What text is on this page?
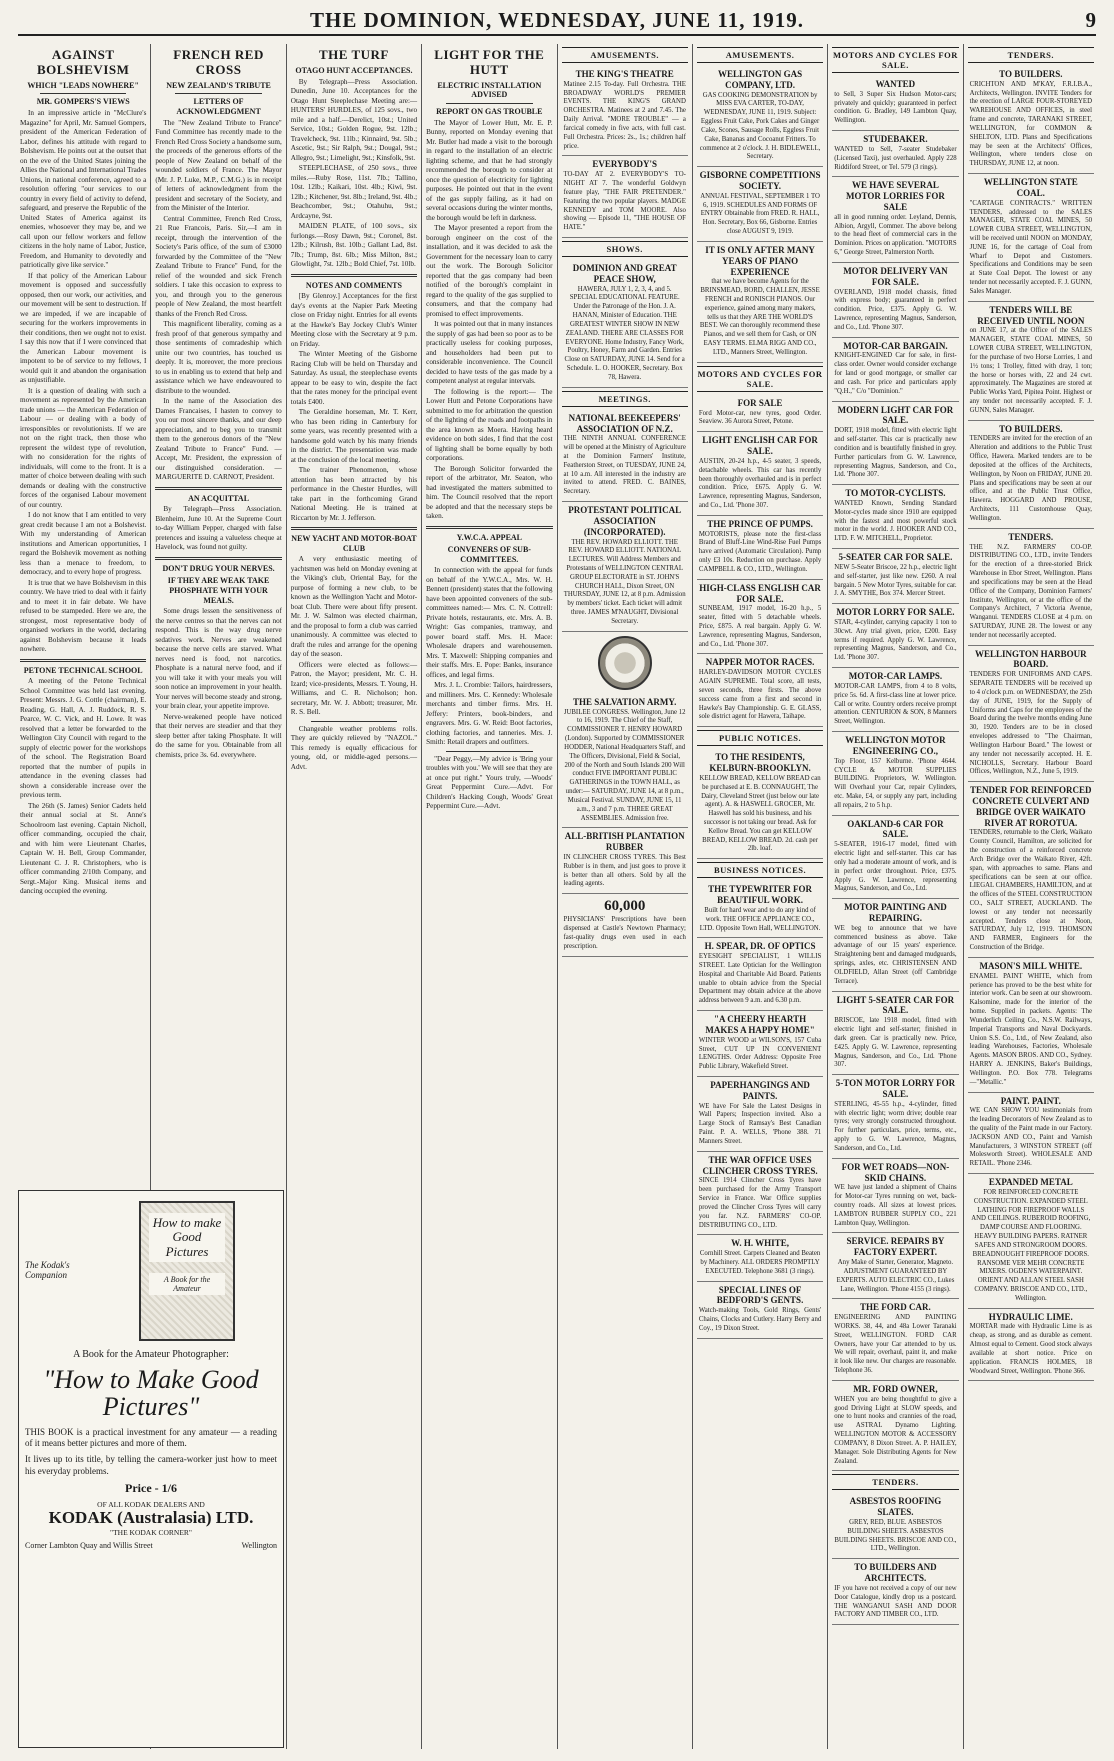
THE DOMINION, WEDNESDAY, JUNE 11, 1919.	9
AGAINST BOLSHEVISM
WHICH "LEADS NOWHERE"
MR. GOMPERS'S VIEWS

In an impressive article in "McClure's Magazine" for April, Mr. Samuel Gompers, president of the American Federation of Labor, defines his attitude with regard to Bolshevism. He points out at the outset that on the eve of the United States joining the Allies the National and International Trades Unions, in national conference, agreed to a resolution offering "our services to our country in every field of activity to defend, safeguard, and preserve the Republic of the United States of America against its enemies, whosoever they may be, and we call upon our fellow workers and fellow citizens in the holy name of Labor, Justice, Freedom, and Humanity to devotedly and patriotically give like service."

If that policy of the American Labour movement is opposed and successfully opposed, then our work, our activities, and our movement will be sent to destruction. If we are impeded, if we are incapable of securing for the workers improvements in their conditions, then we ought not to exist. I say this now that if I were convinced that the American Labour movement is impotent to be of service to my fellows, I would quit it and abandon the organisation as unjustifiable.

It is a question of dealing with such a movement as represented by the American trade unions — the American Federation of Labour — or dealing with a body of irresponsibles or revolutionists. If we are not on the right track, then those who represent the wildest type of revolution, with no consideration for the rights of individuals, will come to the front. It is a matter of choice between dealing with such demands or dealing with the constructive forces of the organised Labour movement of our country.

I do not know that I am entitled to very great credit because I am not a Bolshevist. With my understanding of American institutions and American opportunities, I regard the Bolshevik movement as nothing less than a menace to freedom, to democracy, and to every hope of progress.

It is true that we have Bolshevism in this country. We have tried to deal with it fairly and to meet it in fair debate. We have refused to be stampeded. Here we are, the strongest, most representative body of organised workers in the world, declaring against Bolshevism because it leads nowhere.

PETONE TECHNICAL SCHOOL

A meeting of the Petone Technical School Committee was held last evening. Present: Messrs. J. G. Cottle (chairman), E. Reading, G. Hall, A. J. Ruddock, R. S. Pearce, W. C. Vick, and H. Lowe. It was resolved that a letter be forwarded to the Wellington City Council with regard to the supply of electric power for the workshops of the school. The Registration Board reported that the number of pupils in attendance in the evening classes had shown a considerable increase over the previous term.

The 26th (S. James) Senior Cadets held their annual social at St. Anne's Schoolroom last evening. Captain Nicholl, officer commanding, occupied the chair, and with him were Lieutenant Charles, Captain W. H. Bell, Group Commander, Lieutenant C. J. R. Christophers, who is officer commanding 2/10th Company, and Sergt.-Major King. Musical items and dancing occupied the evening.

FRENCH RED CROSS
NEW ZEALAND'S TRIBUTE
LETTERS OF ACKNOWLEDGMENT

The "New Zealand Tribute to France" Fund Committee has recently made to the French Red Cross Society a handsome sum, the proceeds of the generous efforts of the people of New Zealand on behalf of the wounded soldiers of France. The Mayor (Mr. J. P. Luke, M.P., C.M.G.) is in receipt of letters of acknowledgment from the president and secretary of the Society, and from the Minister of the Interior.

Central Committee, French Red Cross, 21 Rue Francois, Paris. Sir,—I am in receipt, through the intervention of the Society's Paris office, of the sum of £3000 forwarded by the Committee of the "New Zealand Tribute to France" Fund, for the relief of the wounded and sick French soldiers. I take this occasion to express to you, and through you to the generous people of New Zealand, the most heartfelt thanks of the French Red Cross.

This magnificent liberality, coming as a fresh proof of that generous sympathy and those sentiments of comradeship which unite our two countries, has touched us deeply. It is, moreover, the more precious to us in enabling us to extend that help and assistance which we have endeavoured to distribute to the wounded.

In the name of the Association des Dames Francaises, I hasten to convey to you our most sincere thanks, and our deep appreciation, and to beg you to transmit them to the generous donors of the "New Zealand Tribute to France" Fund. — Accept, Mr. President, the expression of our distinguished consideration. — MARGUERITE D. CARNOT, President.

AN ACQUITTAL

By Telegraph—Press Association. Blenheim, June 10. At the Supreme Court to-day William Pepper, charged with false pretences and issuing a valueless cheque at Havelock, was found not guilty.

DON'T DRUG YOUR NERVES.
IF THEY ARE WEAK TAKE PHOSPHATE WITH YOUR MEALS.

Some drugs lessen the sensitiveness of the nerve centres so that the nerves can not respond. This is the way drug nerve sedatives work. Nerves are weakened because the nerve cells are starved. What nerves need is food, not narcotics. Phosphate is a natural nerve food, and if you will take it with your meals you will soon notice an improvement in your health. Your nerves will become steady and strong, your brain clear, your appetite improve.

Nerve-weakened people have noticed that their nerves are steadier and that they sleep better after taking Phosphate. It will do the same for you. Obtainable from all chemists, price 3s. 6d. everywhere.

THE TURF
OTAGO HUNT ACCEPTANCES.

By Telegraph—Press Association. Dunedin, June 10. Acceptances for the Otago Hunt Steeplechase Meeting are:— HUNTERS' HURDLES, of 125 sovs., two mile and a half.—Derelict, 10st.; United Service, 10st.; Golden Rogue, 9st. 12lb.; Travelcheck, 9st. 11lb.; Kinnaird, 9st. 5lb.; Ascetic, 9st.; Sir Ralph, 9st.; Dougal, 9st.; Allegro, 9st.; Limelight, 9st.; Kinsfolk, 9st.

STEEPLECHASE, of 250 sovs., three miles.—Ruby Rose, 11st. 7lb.; Tallino, 10st. 12lb.; Kaikari, 10st. 4lb.; Kiwi, 9st. 12lb.; Kitchener, 9st. 8lb.; Ireland, 9st. 4lb.; Beachcomber, 9st.; Otahuhu, 9st.; Ardcayne, 9st.

MAIDEN PLATE, of 100 sovs., six furlongs.—Rosy Dawn, 9st.; Coronel, 8st. 12lb.; Kilrush, 8st. 10lb.; Gallant Lad, 8st. 7lb.; Trump, 8st. 6lb.; Miss Milton, 8st.; Glowlight, 7st. 12lb.; Bold Chief, 7st. 10lb.

NOTES AND COMMENTS

[By Glenroy.] Acceptances for the first day's events at the Napier Park Meeting close on Friday night. Entries for all events at the Hawke's Bay Jockey Club's Winter Meeting close with the Secretary at 9 p.m. on Friday.

The Winter Meeting of the Gisborne Racing Club will be held on Thursday and Saturday. As usual, the steeplechase events appear to be easy to win, despite the fact that the rates money for the principal event totals £400.

The Geraldine horseman, Mr. T. Kerr, who has been riding in Canterbury for some years, was recently presented with a handsome gold watch by his many friends in the district. The presentation was made at the conclusion of the local meeting.

The trainer Phenomenon, whose attention has been attracted by his performance in the Chester Hurdles, will take part in the forthcoming Grand National Meeting. He is trained at Riccarton by Mr. J. Jefferson.

NEW YACHT AND MOTOR-BOAT CLUB

A very enthusiastic meeting of yachtsmen was held on Monday evening at the Viking's club, Oriental Bay, for the purpose of forming a new club, to be known as the Wellington Yacht and Motor-boat Club. There were about fifty present. Mr. J. W. Salmon was elected chairman, and the proposal to form a club was carried unanimously. A committee was elected to draft the rules and arrange for the opening day of the season.

Officers were elected as follows:— Patron, the Mayor; president, Mr. C. H. Izard; vice-presidents, Messrs. T. Young, H. Williams, and C. R. Nicholson; hon. secretary, Mr. W. J. Abbott; treasurer, Mr. R. S. Bell.

Changeable weather problems rolls. They are quickly relieved by "NAZOL." This remedy is equally efficacious for young, old, or middle-aged persons.—Advt.

LIGHT FOR THE HUTT
ELECTRIC INSTALLATION ADVISED
REPORT ON GAS TROUBLE

The Mayor of Lower Hutt, Mr. E. P. Bunny, reported on Monday evening that Mr. Butler had made a visit to the borough in regard to the installation of an electric lighting scheme, and that he had strongly recommended the borough to consider at once the question of electricity for lighting purposes. He pointed out that in the event of the gas supply failing, as it had on several occasions during the winter months, the borough would be left in darkness.

The Mayor presented a report from the borough engineer on the cost of the installation, and it was decided to ask the Government for the necessary loan to carry out the work. The Borough Solicitor reported that the gas company had been notified of the borough's complaint in regard to the quality of the gas supplied to consumers, and that the company had promised to effect improvements.

It was pointed out that in many instances the supply of gas had been so poor as to be practically useless for cooking purposes, and householders had been put to considerable inconvenience. The Council decided to have tests of the gas made by a competent analyst at regular intervals.

The following is the report:— The Lower Hutt and Petone Corporations have submitted to me for arbitration the question of the lighting of the roads and footpaths in the area known as Moera. Having heard evidence on both sides, I find that the cost of lighting shall be borne equally by both corporations.

The Borough Solicitor forwarded the report of the arbitrator, Mr. Seaton, who had investigated the matters submitted to him. The Council resolved that the report be adopted and that the necessary steps be taken.

Y.W.C.A. APPEAL
CONVENERS OF SUB-COMMITTEES.

In connection with the appeal for funds on behalf of the Y.W.C.A., Mrs. W. H. Bennett (president) states that the following have been appointed conveners of the sub-committees named:— Mrs. C. N. Cottrell: Private hotels, restaurants, etc. Mrs. A. B. Wright: Gas companies, tramway, and power board staff. Mrs. H. Mace: Wholesale drapers and warehousemen. Mrs. T. Maxwell: Shipping companies and their staffs. Mrs. E. Pope: Banks, insurance offices, and legal firms.

Mrs. J. L. Crombie: Tailors, hairdressers, and milliners. Mrs. C. Kennedy: Wholesale merchants and timber firms. Mrs. H. Jeffery: Printers, book-binders, and engravers. Mrs. G. W. Reid: Boot factories, clothing factories, and tanneries. Mrs. J. Smith: Retail drapers and outfitters.

"Dear Peggy,—My advice is 'Bring your troubles with you.' We will see that they are at once put right." Yours truly, —Woods' Great Peppermint Cure.—Advt. For Children's Hacking Cough, Woods' Great Peppermint Cure.—Advt.

AMUSEMENTS.
THE KING'S THEATRE
Matinee 2.15 To-day. Full Orchestra. THE BROADWAY WORLD'S PREMIER EVENTS. THE KING'S GRAND ORCHESTRA. Matinees at 2 and 7.45. The Daily Arrival. "MORE TROUBLE" — a farcical comedy in five acts, with full cast. Full Orchestra. Prices: 2s., 1s.; children half price.
EVERYBODY'S
TO-DAY AT 2. EVERYBODY'S TO-NIGHT AT 7. The wonderful Goldwyn feature play, "THE FAIR PRETENDER." Featuring the two popular players. MADGE KENNEDY and TOM MOORE. Also showing — Episode 11, "THE HOUSE OF HATE."
SHOWS.
DOMINION AND GREAT PEACE SHOW,
HAWERA, JULY 1, 2, 3, 4, and 5. SPECIAL EDUCATIONAL FEATURE. Under the Patronage of the Hon. J. A. HANAN, Minister of Education. THE GREATEST WINTER SHOW IN NEW ZEALAND. THERE ARE CLASSES FOR EVERYONE. Home Industry, Fancy Work, Poultry, Honey, Farm and Garden. Entries Close on SATURDAY, JUNE 14. Send for a Schedule. L. O. HOOKER, Secretary. Box 78, Hawera.
MEETINGS.
NATIONAL BEEKEEPERS' ASSOCIATION OF N.Z.
THE NINTH ANNUAL CONFERENCE will be opened at the Ministry of Agriculture at the Dominion Farmers' Institute, Featherston Street, on TUESDAY, JUNE 24, at 10 a.m. All interested in the industry are invited to attend. FRED. C. BAINES, Secretary.
PROTESTANT POLITICAL ASSOCIATION (INCORPORATED).
THE REV. HOWARD ELLIOTT. THE REV. HOWARD ELLIOTT. NATIONAL LECTURES. Will Address Members and Protestants of WELLINGTON CENTRAL GROUP ELECTORATE in ST. JOHN'S CHURCH HALL, Dixon Street, ON THURSDAY, JUNE 12, at 8 p.m. Admission by members' ticket. Each ticket will admit three. JAMES M'NAUGHT, Divisional Secretary.
THE SALVATION ARMY.
JUBILEE CONGRESS. Wellington, June 12 to 16, 1919. The Chief of the Staff, COMMISSIONER T. HENRY HOWARD (London). Supported by COMMISSIONER HODDER, National Headquarters Staff, and The Officers, Divisional, Field & Social, 200 of the North and South Islands 200 Will conduct FIVE IMPORTANT PUBLIC GATHERINGS in the TOWN HALL, as under:— SATURDAY, JUNE 14, at 8 p.m., Musical Festival. SUNDAY, JUNE 15, 11 a.m., 3 and 7 p.m. THREE GREAT ASSEMBLIES. Admission free.
ALL-BRITISH PLANTATION RUBBER
IN CLINCHER CROSS TYRES. This Best Rubber is in them, and just goes to prove it is better than all others. Sold by all the leading agents.
60,000
PHYSICIANS' Prescriptions have been dispensed at Castle's Newtown Pharmacy; fast-quality drugs even used in each prescription.
AMUSEMENTS.
WELLINGTON GAS COMPANY, LTD.
GAS COOKING DEMONSTRATION by MISS EVA CARTER, TO-DAY, WEDNESDAY, JUNE 11, 1919. Subject: Eggless Fruit Cake, Pork Cakes and Ginger Cake, Scones, Sausage Rolls, Eggless Fruit Cake, Bananas and Cocoanut Fritters. To commence at 2 o'clock. J. H. BIDLEWELL, Secretary.
GISBORNE COMPETITIONS SOCIETY.
ANNUAL FESTIVAL, SEPTEMBER 1 TO 6, 1919. SCHEDULES AND FORMS OF ENTRY Obtainable from FRED. R. HALL, Hon. Secretary, Box 66, Gisborne. Entries close AUGUST 9, 1919.
IT IS ONLY AFTER MANY YEARS OF PIANO EXPERIENCE
that we have become Agents for the BRINSMEAD, BORD, CHALLEN, JESSE FRENCH and RONISCH PIANOS. Our experience, gained among many makers, tells us that they ARE THE WORLD'S BEST. We can thoroughly recommend these Pianos, and we sell them for Cash, or ON EASY TERMS. ELMA RIGG AND CO., LTD., Manners Street, Wellington.
MOTORS AND CYCLES FOR SALE.
FOR SALE
Ford Motor-car, new tyres, good Order. Seaview. 36 Aurora Street, Petone.
LIGHT ENGLISH CAR FOR SALE.
AUSTIN, 20-24 h.p., 4-5 seater, 3 speeds, detachable wheels. This car has recently been thoroughly overhauled and is in perfect condition. Price, £675. Apply G. W. Lawrence, representing Magnus, Sanderson, and Co., Ltd. 'Phone 307.
THE PRINCE OF PUMPS.
MOTORISTS, please note the first-class Brand of Bluff-Line Wind-Rise Fuel Pumps have arrived (Automatic Circulation). Pump only £3 10s. Reduction on purchase. Apply CAMPBELL & CO., LTD., Wellington.
HIGH-CLASS ENGLISH CAR FOR SALE.
SUNBEAM, 1917 model, 16-20 h.p., 5 seater, fitted with 5 detachable wheels. Price, £875. A real bargain. Apply G. W. Lawrence, representing Magnus, Sanderson, and Co., Ltd. 'Phone 307.
NAPPER MOTOR RACES.
HARLEY-DAVIDSON MOTOR CYCLES AGAIN SUPREME. Total score, all tests, seven seconds, three firsts. The above success came from a first and second in Hawke's Bay Championship. G. E. GLASS, sole district agent for Hawera, Taihape.
PUBLIC NOTICES.
TO THE RESIDENTS, KELBURN-BROOKLYN.
KELLOW BREAD, KELLOW BREAD can be purchased at E. B. CONNAUGHT, The Dairy, Cleveland Street (just below our late agent). A. & HASWELL GROCER, Mr. Haswell has sold his business, and his successor is not taking our bread. Ask for Kellow Bread. You can get KELLOW BREAD, KELLOW BREAD. 2d. cash per 2lb. loaf.
BUSINESS NOTICES.
THE TYPEWRITER FOR BEAUTIFUL WORK.
Built for hard wear and to do any kind of work. THE OFFICE APPLIANCE CO., LTD. Opposite Town Hall, WELLINGTON.
H. SPEAR, DR. OF OPTICS
EYESIGHT SPECIALIST, 1 WILLIS STREET. Late Optician for the Wellington Hospital and Charitable Aid Board. Patients unable to obtain advice from the Special Department may obtain advice at the above address between 9 a.m. and 6.30 p.m.
"A CHEERY HEARTH MAKES A HAPPY HOME"
WINTER WOOD at WILSON'S, 157 Cuba Street, CUT UP IN CONVENIENT LENGTHS. Order Address: Opposite Free Public Library, Wakefield Street.
PAPERHANGINGS AND PAINTS.
WE have For Sale the Latest Designs in Wall Papers; Inspection invited. Also a Large Stock of Ramsay's Best Canadian Paint. P. A. WELLS, 'Phone 388. 71 Manners Street.
THE WAR OFFICE USES CLINCHER CROSS TYRES.
SINCE 1914 Clincher Cross Tyres have been purchased for the Army Transport Service in France. War Office supplies proved the Clincher Cross Tyres will carry you far. N.Z. FARMERS' CO-OP. DISTRIBUTING CO., LTD.
W. H. WHITE,
Cornhill Street. Carpets Cleaned and Beaten by Machinery. ALL ORDERS PROMPTLY EXECUTED. Telephone 3681 (3 rings).
SPECIAL LINES OF BEDFORD'S GENTS.
Watch-making Tools, Gold Rings, Gents' Chains, Clocks and Cutlery. Harry Berry and Coy., 19 Dixon Street.
MOTORS AND CYCLES FOR SALE.
WANTED
to Sell, 3 Super Six Hudson Motor-cars; privately and quickly; guaranteed in perfect condition. G. Bradley, 149 Lambton Quay, Wellington.
STUDEBAKER.
WANTED to Sell, 7-seater Studebaker (Licensed Taxi), just overhauled. Apply 228 Riddiford Street, or Tel. 579 (3 rings).
WE HAVE SEVERAL MOTOR LORRIES FOR SALE
all in good running order. Leyland, Dennis, Albion, Argyll, Commer. The above belong to the head fleet of commercial cars in the Dominion. Prices on application. "MOTORS 6," George Street, Palmerston North.
MOTOR DELIVERY VAN FOR SALE.
OVERLAND, 1918 model chassis, fitted with express body; guaranteed in perfect condition. Price, £375. Apply G. W. Lawrence, representing Magnus, Sanderson, and Co., Ltd. 'Phone 307.
MOTOR-CAR BARGAIN.
KNIGHT-ENGINED Car for sale, in first-class order. Owner would consider exchange for land or good mortgage, or smaller car and cash. For price and particulars apply "Q.H.," C/o "Dominion."
MODERN LIGHT CAR FOR SALE.
DORT, 1918 model, fitted with electric light and self-starter. This car is practically new condition and is beautifully finished in grey. Further particulars from G. W. Lawrence, representing Magnus, Sanderson, and Co., Ltd. 'Phone 307.
TO MOTOR-CYCLISTS.
WANTED Known, Sending Standard Motor-cycles made since 1910 are equipped with the fastest and most powerful stock motor in the world. J. HOOKER AND CO., LTD. F. W. MITCHELL, Proprietor.
5-SEATER CAR FOR SALE.
NEW 5-Seater Briscoe, 22 h.p., electric light and self-starter, just like new. £260. A real bargain. 5 New Motor Tyres, suitable for car. J. A. SMYTHE, Box 374. Mercer Street.
MOTOR LORRY FOR SALE.
STAR, 4-cylinder, carrying capacity 1 ton to 30cwt. Any trial given, price, £200. Easy terms if required. Apply G. W. Lawrence, representing Magnus, Sanderson, and Co., Ltd. 'Phone 307.
MOTOR-CAR LAMPS.
MOTOR-CAR LAMPS, from 4 to 8 volts, price 5s. 6d. A first-class line at lower price. Call or write. Country orders receive prompt attention. CENTURION & SON, 8 Manners Street, Wellington.
WELLINGTON MOTOR ENGINEERING CO.,
Top Floor, 157 Kelburne. 'Phone 4644. CYCLE & MOTOR SUPPLIES BUILDING. Proprietors, W. Wellington. Will Overhaul your Car, repair Cylinders, etc. Make, £4, or supply any part, including all repairs, 2 to 5 h.p.
OAKLAND-6 CAR FOR SALE.
5-SEATER, 1916-17 model, fitted with electric light and self-starter. This car has only had a moderate amount of work, and is in perfect order throughout. Price, £375. Apply G. W. Lawrence, representing Magnus, Sanderson, and Co., Ltd.
MOTOR PAINTING AND REPAIRING.
WE beg to announce that we have commenced business as above. Take advantage of our 15 years' experience. Straightening bent and damaged mudguards, springs, axles, etc. CHRISTENSEN AND OLDFIELD, Allan Street (off Cambridge Terrace).
LIGHT 5-SEATER CAR FOR SALE.
BRISCOE, late 1918 model, fitted with electric light and self-starter; finished in dark green. Car is practically new. Price, £425. Apply G. W. Lawrence, representing Magnus, Sanderson, and Co., Ltd. 'Phone 307.
5-TON MOTOR LORRY FOR SALE.
STERLING, 45-55 h.p., 4-cylinder, fitted with electric light; worm drive; double rear tyres; very strongly constructed throughout. For further particulars, price, terms, etc., apply to G. W. Lawrence, Magnus, Sanderson, and Co., Ltd.
FOR WET ROADS—NON-SKID CHAINS.
WE have just landed a shipment of Chains for Motor-car Tyres running on wet, back-country roads. All sizes at lowest prices. LAMBTON RUBBER SUPPLY CO., 221 Lambton Quay, Wellington.
SERVICE. REPAIRS BY FACTORY EXPERT.
Any Make of Starter, Generator, Magneto. ADJUSTMENT GUARANTEED BY EXPERTS. AUTO ELECTRIC CO., Lukes Lane, Wellington. 'Phone 4155 (3 rings).
THE FORD CAR.
ENGINEERING AND PAINTING WORKS. 38, 44, and 48a Lower Taranaki Street, WELLINGTON. FORD CAR Owners, have your Car attended to by us. We will repair, overhaul, paint it, and make it look like new. Our charges are reasonable. Telephone 36.
MR. FORD OWNER,
WHEN you are being thoughtful to give a good Driving Light at SLOW speeds, and one to hunt nooks and crannies of the road, use ASTRAL Dynamo Lighting. WELLINGTON MOTOR & ACCESSORY COMPANY, 8 Dixon Street. A. P. HAILEY, Manager. Sole Distributing Agents for New Zealand.
TENDERS.
ASBESTOS ROOFING SLATES.
GREY, RED, BLUE. ASBESTOS BUILDING SHEETS. ASBESTOS BUILDING SHEETS. BRISCOE AND CO., LTD., Wellington.
TO BUILDERS AND ARCHITECTS.
IF you have not received a copy of our new Door Catalogue, kindly drop us a postcard. THE WANGANUI SASH AND DOOR FACTORY AND TIMBER CO., LTD.
TENDERS.
TO BUILDERS.
CRICHTON AND M'KAY, F.R.I.B.A., Architects, Wellington. INVITE Tenders for the erection of LARGE FOUR-STOREYED WAREHOUSE AND OFFICES, in steel frame and concrete, TARANAKI STREET, WELLINGTON, for COMMON & SHELTON, LTD. Plans and Specifications may be seen at the Architects' Offices, Wellington, where tenders close on THURSDAY, JUNE 12, at noon.
WELLINGTON STATE COAL.
"CARTAGE CONTRACTS." WRITTEN TENDERS, addressed to the SALES MANAGER, STATE COAL MINES, 50 LOWER CUBA STREET, WELLINGTON, will be received until NOON on MONDAY, JUNE 16, for the cartage of Coal from Wharf to Depot and Customers. Specifications and Conditions may be seen at State Coal Depot. The lowest or any tender not necessarily accepted. F. J. GUNN, Sales Manager.
TENDERS WILL BE RECEIVED UNTIL NOON
on JUNE 17, at the Office of the SALES MANAGER, STATE COAL MINES, 50 LOWER CUBA STREET, WELLINGTON, for the purchase of two Horse Lorries, 1 and 1½ tons; 1 Trolley, fitted with dray, 1 ton; the horse or horses with, 22 and 24 cwt. approximately. The Magazines are stored at Public Works Yard, Pipitea Point. Highest or any tender not necessarily accepted. F. J. GUNN, Sales Manager.
TO BUILDERS.
TENDERS are invited for the erection of an Alteration and additions to the Public Trust Office, Hawera. Marked tenders are to be deposited at the offices of the Architects, Wellington, by Noon on FRIDAY, JUNE 20. Plans and specifications may be seen at our office, and at the Public Trust Office, Hawera. HOGGARD AND PROUSE, Architects, 111 Customhouse Quay, Wellington.
TENDERS.
THE N.Z. FARMERS' CO-OP. DISTRIBUTING CO., LTD., invite Tenders for the erection of a three-storied Brick Warehouse in Ebor Street, Wellington. Plans and specifications may be seen at the Head Office of the Company, Dominion Farmers' Institute, Wellington, or at the office of the Company's Architect, 7 Victoria Avenue, Wanganui. TENDERS CLOSE at 4 p.m. on SATURDAY, JUNE 28. The lowest or any tender not necessarily accepted.
WELLINGTON HARBOUR BOARD.
TENDERS FOR UNIFORMS AND CAPS. SEPARATE TENDERS will be received up to 4 o'clock p.m. on WEDNESDAY, the 25th day of JUNE, 1919, for the Supply of Uniforms and Caps for the employees of the Board during the twelve months ending June 30, 1920. Tenders are to be in closed envelopes addressed to "The Chairman, Wellington Harbour Board." The lowest or any tender not necessarily accepted. H. E. NICHOLLS, Secretary. Harbour Board Offices, Wellington, N.Z., June 5, 1919.
TENDER FOR REINFORCED CONCRETE CULVERT AND BRIDGE OVER WAIKATO RIVER AT ROROTUA.
TENDERS, returnable to the Clerk, Waikato County Council, Hamilton, are solicited for the construction of a reinforced concrete Arch Bridge over the Waikato River, 42ft. span, with approaches to same. Plans and specifications can be seen at our office. LIEGAL CHAMBERS, HAMILTON, and at the offices of the STEEL CONSTRUCTION CO., SALT STREET, AUCKLAND. The lowest or any tender not necessarily accepted. Tenders close at Noon, SATURDAY, July 12, 1919. THOMSON AND FARMER, Engineers for the Construction of the Bridge.
MASON'S MILL WHITE.
ENAMEL PAINT WHITE, which from perience has proved to be the best white for interior work. Can be seen at our showroom. Kalsomine, made for the interior of the home. Supplied in packets. Agents: The Wunderlich Ceiling Co., N.S.W. Railways, Imperial Transports and Naval Dockyards. Union S.S. Co., Ltd., of New Zealand, also leading Warehouses, Factories, Wholesale Agents. MASON BROS. AND CO., Sydney. HARRY A. JENKINS, Baker's Buildings, Wellington. P.O. Box 778. Telegrams—"Metallic."
PAINT. PAINT.
WE CAN SHOW YOU testimonials from the leading Decorators of New Zealand as to the quality of the Paint made in our Factory. JACKSON AND CO., Paint and Varnish Manufacturers, 3 WINSTON STREET (off Molesworth Street). WHOLESALE AND RETAIL. 'Phone 2346.
EXPANDED METAL
FOR REINFORCED CONCRETE CONSTRUCTION. EXPANDED STEEL LATHING FOR FIREPROOF WALLS AND CEILINGS. RUBEROID ROOFING, DAMP COURSE AND FLOORING. HEAVY BUILDING PAPERS. RATNER SAFES AND STRONGROOM DOORS. BREADNOUGHT FIREPROOF DOORS. RANSOME VER MEHR CONCRETE MIXERS. OGDEN'S WATERPAINT. ORIENT AND ALLAN STEEL SASH COMPANY. BRISCOE AND CO., LTD., Wellington.
HYDRAULIC LIME.
MORTAR made with Hydraulic Lime is as cheap, as strong, and as durable as cement. Almost equal to Cement. Good stock always available at short notice. Price on application. FRANCIS HOLMES, 18 Woodward Street, Wellington. 'Phone 366.
The Kodak's Companion
How to make Good Pictures
A Book for the Amateur
A Book for the Amateur Photographer:
"How to Make Good Pictures"
THIS BOOK is a practical investment for any amateur — a reading of it means better pictures and more of them.
It lives up to its title, by telling the camera-worker just how to meet his everyday problems.
Price - 1/6
OF ALL KODAK DEALERS AND
KODAK (Australasia) LTD.
"THE KODAK CORNER"
Corner Lambton Quay and Willis Street	Wellington
